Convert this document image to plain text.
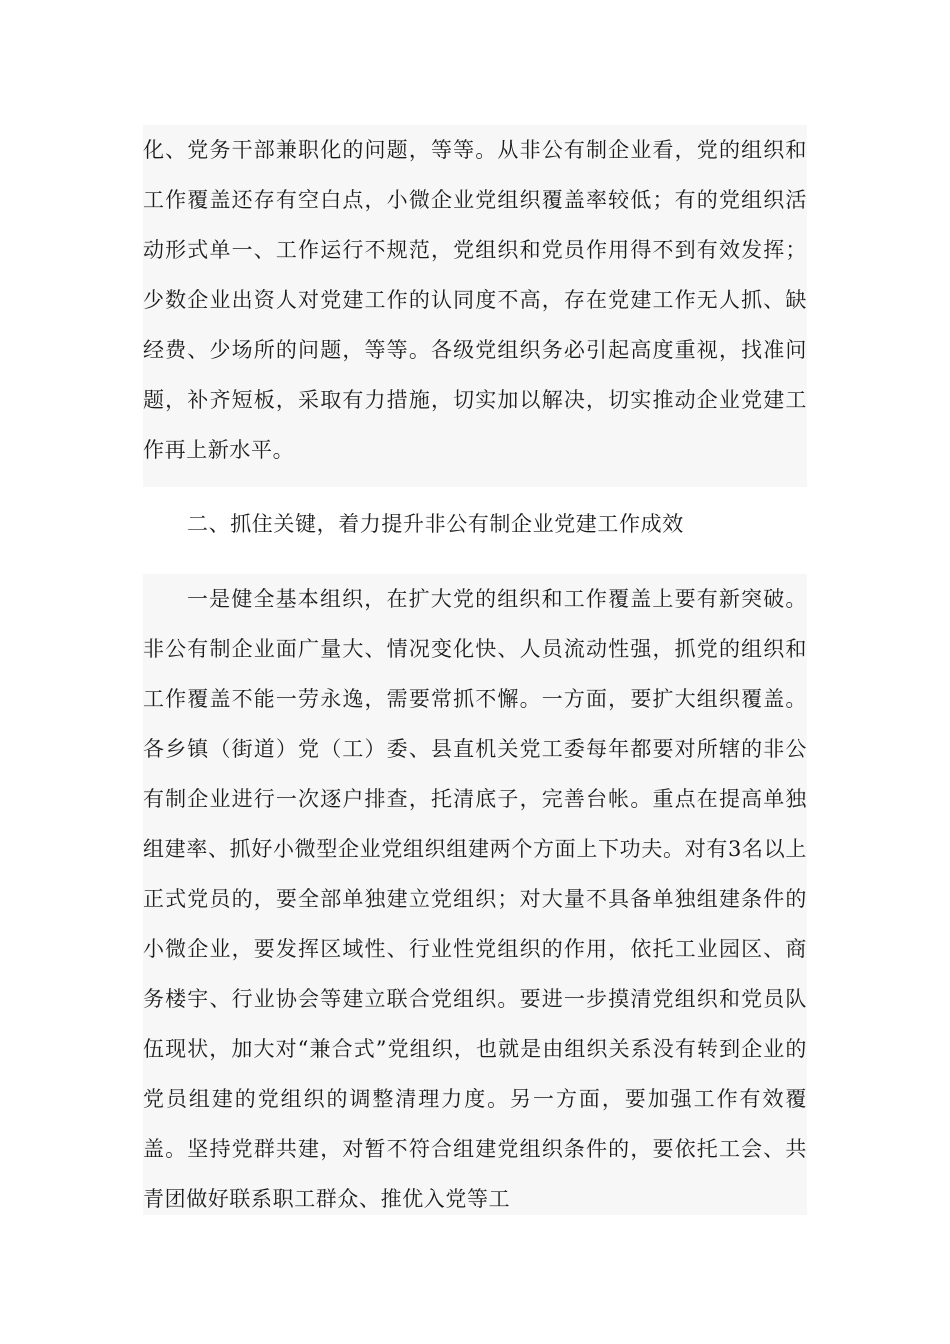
化、党务干部兼职化的问题，等等。从非公有制企业看，党的组织和工作覆盖还存有空白点，小微企业党组织覆盖率较低；有的党组织活动形式单一、工作运行不规范，党组织和党员作用得不到有效发挥；少数企业出资人对党建工作的认同度不高，存在党建工作无人抓、缺经费、少场所的问题，等等。各级党组织务必引起高度重视，找准问题，补齐短板，采取有力措施，切实加以解决，切实推动企业党建工作再上新水平。

二、抓住关键，着力提升非公有制企业党建工作成效

一是健全基本组织，在扩大党的组织和工作覆盖上要有新突破。非公有制企业面广量大、情况变化快、人员流动性强，抓党的组织和工作覆盖不能一劳永逸，需要常抓不懈。一方面，要扩大组织覆盖。各乡镇（街道）党（工）委、县直机关党工委每年都要对所辖的非公有制企业进行一次逐户排查，托清底子，完善台帐。重点在提高单独组建率、抓好小微型企业党组织组建两个方面上下功夫。对有3名以上正式党员的，要全部单独建立党组织；对大量不具备单独组建条件的小微企业，要发挥区域性、行业性党组织的作用，依托工业园区、商务楼宇、行业协会等建立联合党组织。要进一步摸清党组织和党员队伍现状，加大对“兼合式”党组织，也就是由组织关系没有转到企业的党员组建的党组织的调整清理力度。另一方面，要加强工作有效覆盖。坚持党群共建，对暂不符合组建党组织条件的，要依托工会、共青团做好联系职工群众、推优入党等工
